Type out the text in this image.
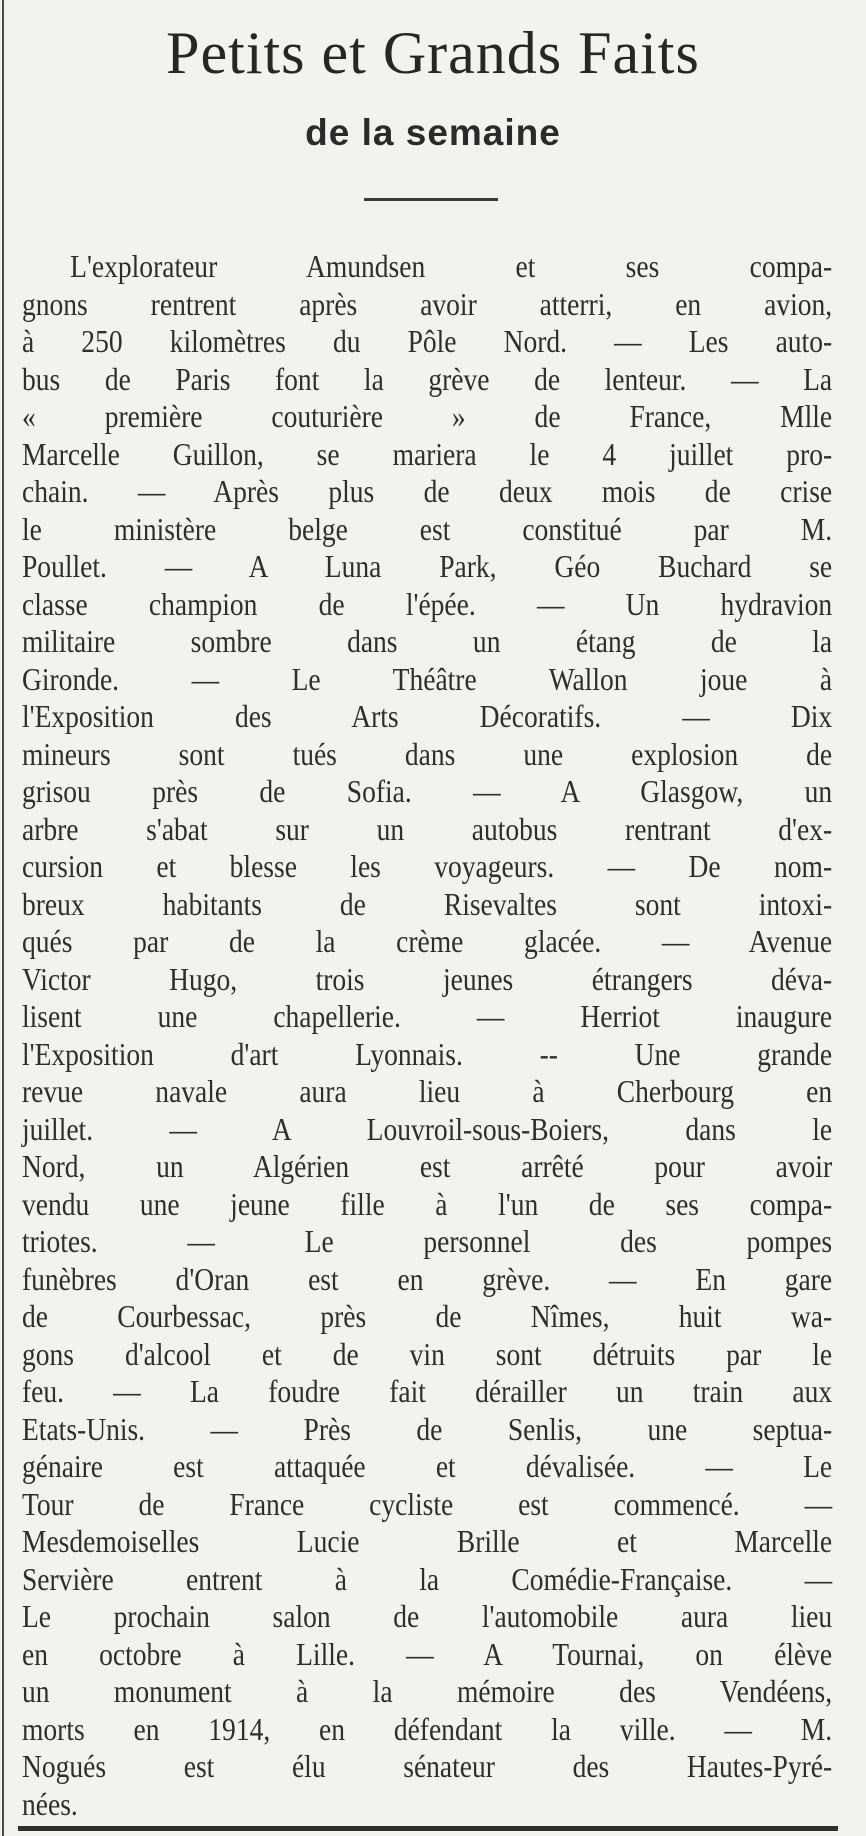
Petits et Grands Faits
de la semaine
L'explorateur Amundsen et ses compa-
gnons rentrent après avoir atterri, en avion,
à 250 kilomètres du Pôle Nord. — Les auto-
bus de Paris font la grève de lenteur. — La
« première couturière » de France, Mlle
Marcelle Guillon, se mariera le 4 juillet pro-
chain. — Après plus de deux mois de crise
le ministère belge est constitué par M.
Poullet. — A Luna Park, Géo Buchard se
classe champion de l'épée. — Un hydravion
militaire sombre dans un étang de la
Gironde. — Le Théâtre Wallon joue à
l'Exposition des Arts Décoratifs. — Dix
mineurs sont tués dans une explosion de
grisou près de Sofia. — A Glasgow, un
arbre s'abat sur un autobus rentrant d'ex-
cursion et blesse les voyageurs. — De nom-
breux habitants de Risevaltes sont intoxi-
qués par de la crème glacée. — Avenue
Victor Hugo, trois jeunes étrangers déva-
lisent une chapellerie. — Herriot inaugure
l'Exposition d'art Lyonnais. -- Une grande
revue navale aura lieu à Cherbourg en
juillet. — A Louvroil-sous-Boiers, dans le
Nord, un Algérien est arrêté pour avoir
vendu une jeune fille à l'un de ses compa-
triotes. — Le personnel des pompes
funèbres d'Oran est en grève. — En gare
de Courbessac, près de Nîmes, huit wa-
gons d'alcool et de vin sont détruits par le
feu. — La foudre fait dérailler un train aux
Etats-Unis. — Près de Senlis, une septua-
génaire est attaquée et dévalisée. — Le
Tour de France cycliste est commencé. —
Mesdemoiselles Lucie Brille et Marcelle
Servière entrent à la Comédie-Française. —
Le prochain salon de l'automobile aura lieu
en octobre à Lille. — A Tournai, on élève
un monument à la mémoire des Vendéens,
morts en 1914, en défendant la ville. — M.
Nogués est élu sénateur des Hautes-Pyré-
nées.
